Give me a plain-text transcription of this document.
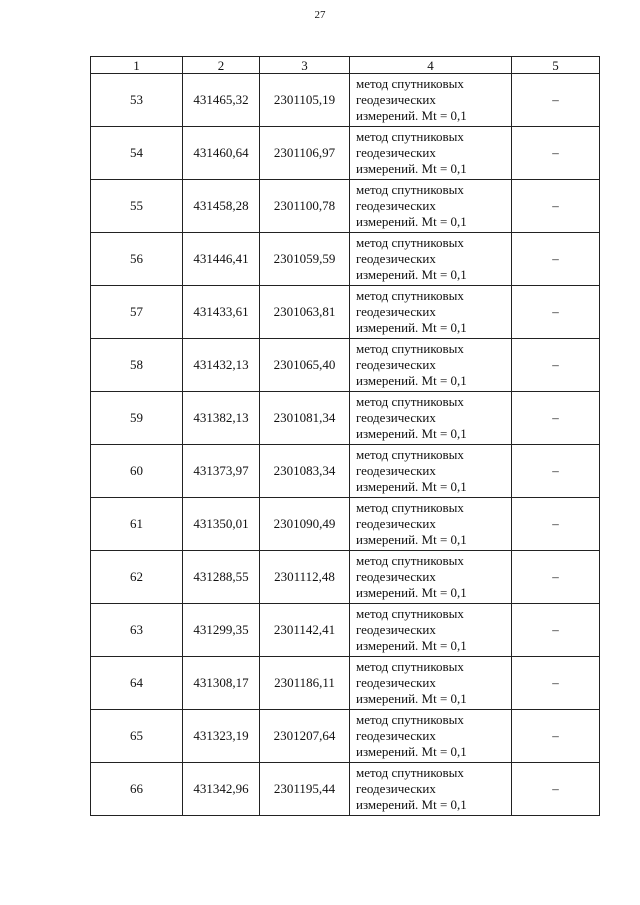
27
1	2	3	4	5
53	431465,32	2301105,19	метод спутниковых
геодезических
измерений. Mt = 0,1	–
54	431460,64	2301106,97	метод спутниковых
геодезических
измерений. Mt = 0,1	–
55	431458,28	2301100,78	метод спутниковых
геодезических
измерений. Mt = 0,1	–
56	431446,41	2301059,59	метод спутниковых
геодезических
измерений. Mt = 0,1	–
57	431433,61	2301063,81	метод спутниковых
геодезических
измерений. Mt = 0,1	–
58	431432,13	2301065,40	метод спутниковых
геодезических
измерений. Mt = 0,1	–
59	431382,13	2301081,34	метод спутниковых
геодезических
измерений. Mt = 0,1	–
60	431373,97	2301083,34	метод спутниковых
геодезических
измерений. Mt = 0,1	–
61	431350,01	2301090,49	метод спутниковых
геодезических
измерений. Mt = 0,1	–
62	431288,55	2301112,48	метод спутниковых
геодезических
измерений. Mt = 0,1	–
63	431299,35	2301142,41	метод спутниковых
геодезических
измерений. Mt = 0,1	–
64	431308,17	2301186,11	метод спутниковых
геодезических
измерений. Mt = 0,1	–
65	431323,19	2301207,64	метод спутниковых
геодезических
измерений. Mt = 0,1	–
66	431342,96	2301195,44	метод спутниковых
геодезических
измерений. Mt = 0,1	–
